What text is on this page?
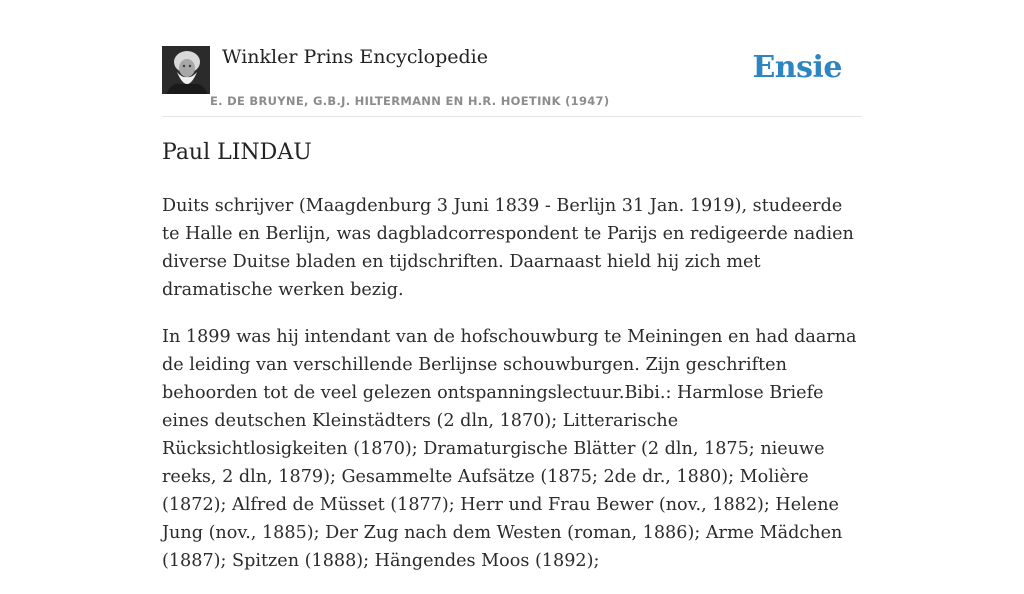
Winkler Prins Encyclopedie
E. DE BRUYNE, G.B.J. HILTERMANN EN H.R. HOETINK (1947)
Ensie
Paul LINDAU

Duits schrijver (Maagdenburg 3 Juni 1839 - Berlijn 31 Jan. 1919), studeerde te Halle en Berlijn, was dagbladcorrespondent te Parijs en redigeerde nadien diverse Duitse bladen en tijdschriften. Daarnaast hield hij zich met dramatische werken bezig.

In 1899 was hij intendant van de hofschouwburg te Meiningen en had daarna de leiding van verschillende Berlijnse schouwburgen. Zijn geschriften behoorden tot de veel gelezen ontspanningslectuur.Bibi.: Harmlose Briefe eines deutschen Kleinstädters (2 dln, 1870); Litterarische Rücksichtlosigkeiten (1870); Dramaturgische Blätter (2 dln, 1875; nieuwe reeks, 2 dln, 1879); Gesammelte Aufsätze (1875; 2de dr., 1880); Molière (1872); Alfred de Müsset (1877); Herr und Frau Bewer (nov., 1882); Helene Jung (nov., 1885); Der Zug nach dem Westen (roman, 1886); Arme Mädchen (1887); Spitzen (1888); Hängendes Moos (1892);
